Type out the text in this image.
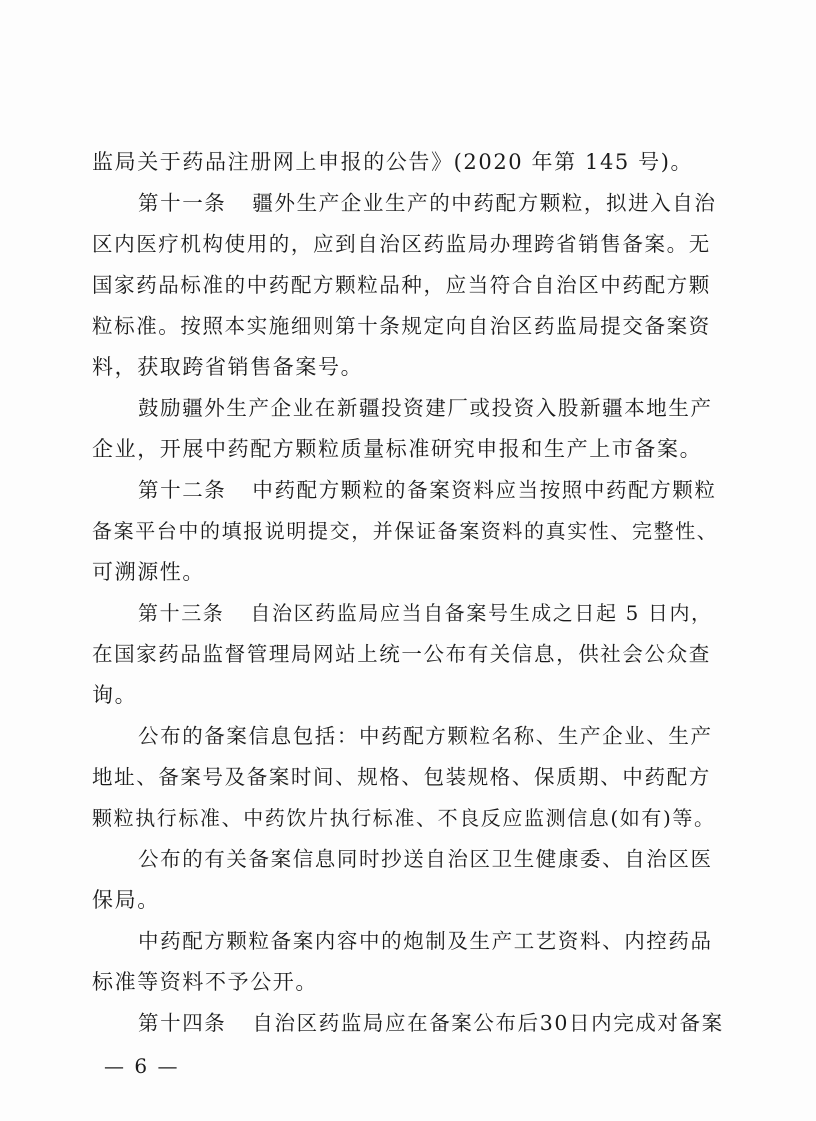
监局关于药品注册网上申报的公告》(2020 年第 145 号)。
第十一条 疆外生产企业生产的中药配方颗粒，拟进入自治
区内医疗机构使用的，应到自治区药监局办理跨省销售备案。无
国家药品标准的中药配方颗粒品种，应当符合自治区中药配方颗
粒标准。按照本实施细则第十条规定向自治区药监局提交备案资
料，获取跨省销售备案号。
鼓励疆外生产企业在新疆投资建厂或投资入股新疆本地生产
企业，开展中药配方颗粒质量标准研究申报和生产上市备案。
第十二条 中药配方颗粒的备案资料应当按照中药配方颗粒
备案平台中的填报说明提交，并保证备案资料的真实性、完整性、
可溯源性。
第十三条 自治区药监局应当自备案号生成之日起 5 日内，
在国家药品监督管理局网站上统一公布有关信息，供社会公众查
询。
公布的备案信息包括：中药配方颗粒名称、生产企业、生产
地址、备案号及备案时间、规格、包装规格、保质期、中药配方
颗粒执行标准、中药饮片执行标准、不良反应监测信息(如有)等。
公布的有关备案信息同时抄送自治区卫生健康委、自治区医
保局。
中药配方颗粒备案内容中的炮制及生产工艺资料、内控药品
标准等资料不予公开。
第十四条 自治区药监局应在备案公布后30日内完成对备案
— 6 —
